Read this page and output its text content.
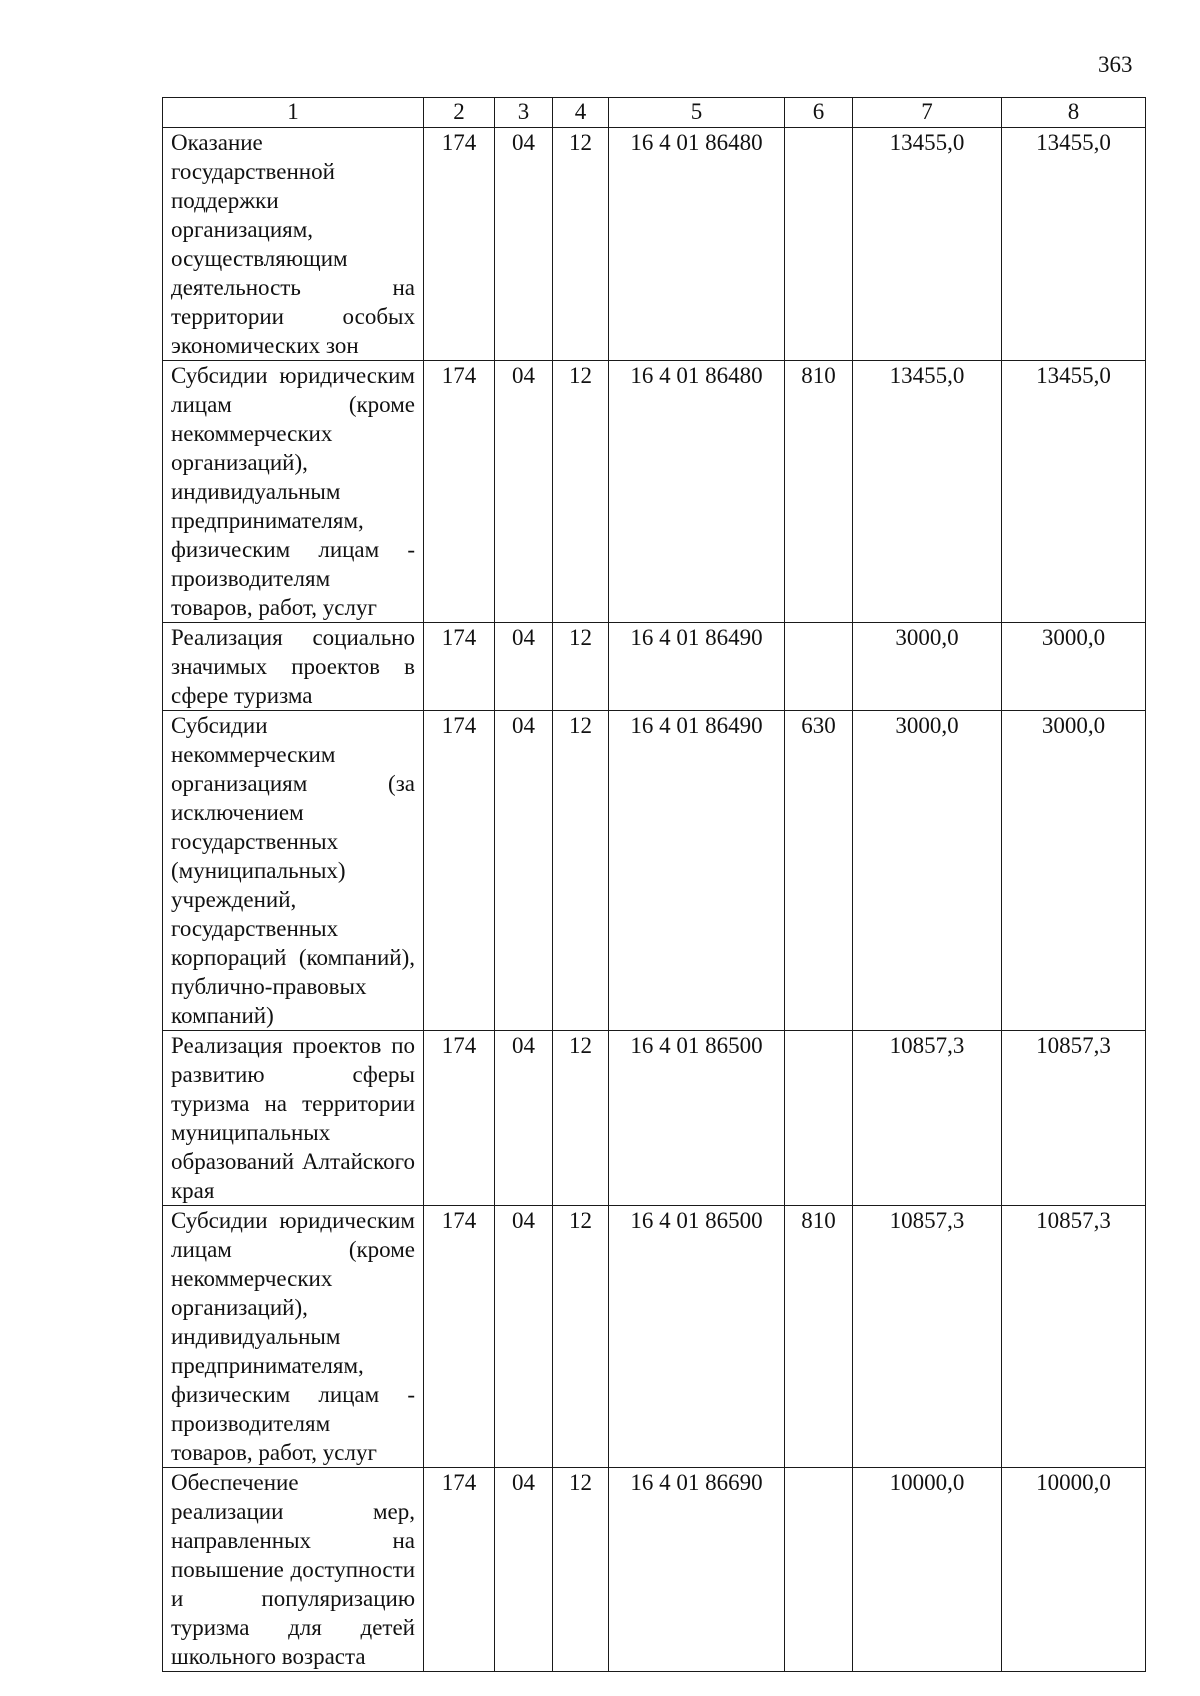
363
1	2	3	4	5	6	7	8
Оказание государственной поддержки организациям, осуществляющим деятельность на территории особых экономических зон	174	04	12	16 4 01 86480		13455,0	13455,0
Субсидии юридическим лицам (кроме некоммерческих организаций), индивидуальным предпринимателям, физическим лицам - производителям товаров, работ, услуг	174	04	12	16 4 01 86480	810	13455,0	13455,0
Реализация социально значимых проектов в сфере туризма	174	04	12	16 4 01 86490		3000,0	3000,0
Субсидии некоммерческим организациям (за исключением государственных (муниципальных) учреждений, государственных корпораций (компаний), публично-правовых компаний)	174	04	12	16 4 01 86490	630	3000,0	3000,0
Реализация проектов по развитию сферы туризма на территории муниципальных образований Алтайского края	174	04	12	16 4 01 86500		10857,3	10857,3
Субсидии юридическим лицам (кроме некоммерческих организаций), индивидуальным предпринимателям, физическим лицам - производителям товаров, работ, услуг	174	04	12	16 4 01 86500	810	10857,3	10857,3
Обеспечение реализации мер, направленных на повышение доступности и популяризацию туризма для детей школьного возраста	174	04	12	16 4 01 86690		10000,0	10000,0
